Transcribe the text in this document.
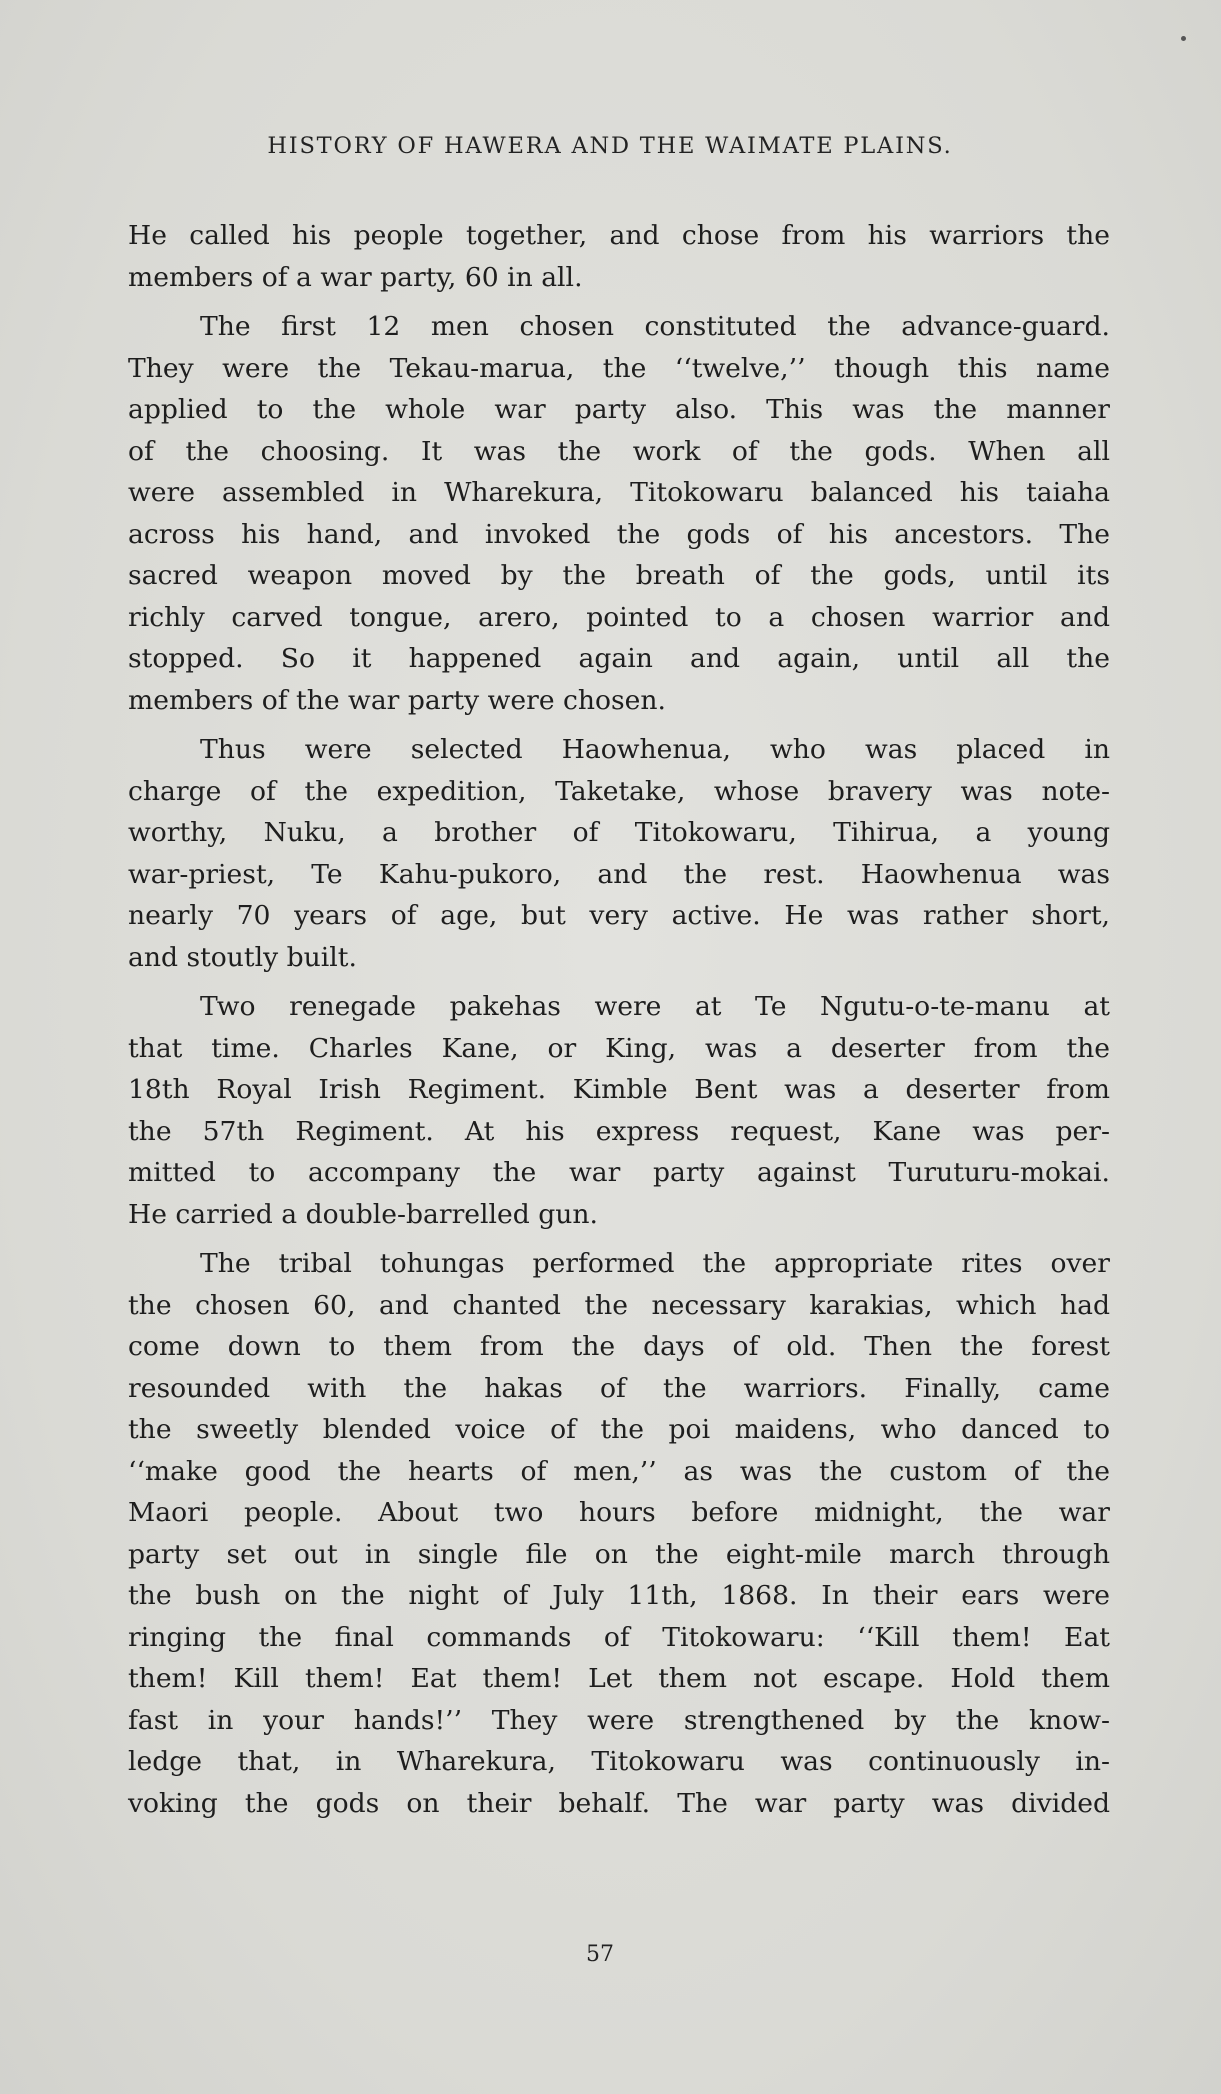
HISTORY OF HAWERA AND THE WAIMATE PLAINS.
He called his people together, and chose from his warriors the
members of a war party, 60 in all.
The first 12 men chosen constituted the advance-guard.
They were the Tekau-marua, the ‘‘twelve,’’ though this name
applied to the whole war party also. This was the manner
of the choosing. It was the work of the gods. When all
were assembled in Wharekura, Titokowaru balanced his taiaha
across his hand, and invoked the gods of his ancestors. The
sacred weapon moved by the breath of the gods, until its
richly carved tongue, arero, pointed to a chosen warrior and
stopped. So it happened again and again, until all the
members of the war party were chosen.
Thus were selected Haowhenua, who was placed in
charge of the expedition, Taketake, whose bravery was note-
worthy, Nuku, a brother of Titokowaru, Tihirua, a young
war-priest, Te Kahu-pukoro, and the rest. Haowhenua was
nearly 70 years of age, but very active. He was rather short,
and stoutly built.
Two renegade pakehas were at Te Ngutu-o-te-manu at
that time. Charles Kane, or King, was a deserter from the
18th Royal Irish Regiment. Kimble Bent was a deserter from
the 57th Regiment. At his express request, Kane was per-
mitted to accompany the war party against Turuturu-mokai.
He carried a double-barrelled gun.
The tribal tohungas performed the appropriate rites over
the chosen 60, and chanted the necessary karakias, which had
come down to them from the days of old. Then the forest
resounded with the hakas of the warriors. Finally, came
the sweetly blended voice of the poi maidens, who danced to
‘‘make good the hearts of men,’’ as was the custom of the
Maori people. About two hours before midnight, the war
party set out in single file on the eight-mile march through
the bush on the night of July 11th, 1868. In their ears were
ringing the final commands of Titokowaru: ‘‘Kill them! Eat
them! Kill them! Eat them! Let them not escape. Hold them
fast in your hands!’’ They were strengthened by the know-
ledge that, in Wharekura, Titokowaru was continuously in-
voking the gods on their behalf. The war party was divided
57
